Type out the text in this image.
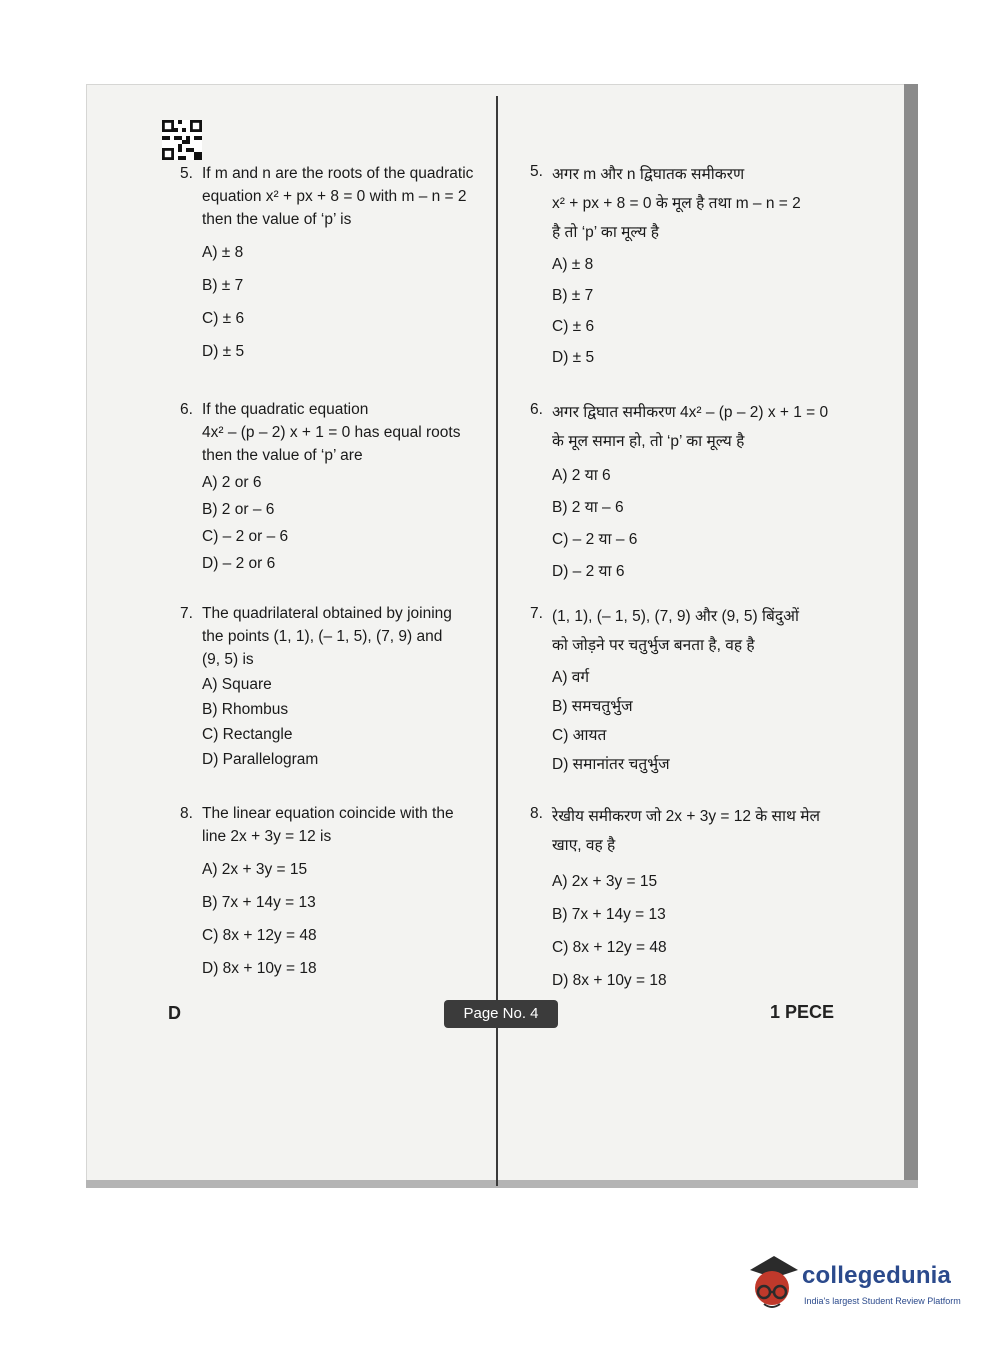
5. If m and n are the roots of the quadratic
equation x² + px + 8 = 0 with m – n = 2
then the value of ‘p’ is
A) ± 8
B) ± 7
C) ± 6
D) ± 5
6. If the quadratic equation
4x² – (p – 2) x + 1 = 0 has equal roots
then the value of ‘p’ are
A) 2 or 6
B) 2 or – 6
C) – 2 or – 6
D) – 2 or 6
7. The quadrilateral obtained by joining
the points (1, 1), (– 1, 5), (7, 9) and
(9, 5) is
A) Square
B) Rhombus
C) Rectangle
D) Parallelogram
8. The linear equation coincide with the
line 2x + 3y = 12 is
A) 2x + 3y = 15
B) 7x + 14y = 13
C) 8x + 12y = 48
D) 8x + 10y = 18
5. अगर m और n द्विघातक समीकरण
x² + px + 8 = 0 के मूल है तथा m – n = 2
है तो ‘p’ का मूल्य है
A) ± 8
B) ± 7
C) ± 6
D) ± 5
6. अगर द्विघात समीकरण 4x² – (p – 2) x + 1 = 0
के मूल समान हो, तो ‘p’ का मूल्य है
A) 2 या 6
B) 2 या – 6
C) – 2 या – 6
D) – 2 या 6
7. (1, 1), (– 1, 5), (7, 9) और (9, 5) बिंदुओं
को जोड़ने पर चतुर्भुज बनता है, वह है
A) वर्ग
B) समचतुर्भुज
C) आयत
D) समानांतर चतुर्भुज
8. रेखीय समीकरण जो 2x + 3y = 12 के साथ मेल
खाए, वह है
A) 2x + 3y = 15
B) 7x + 14y = 13
C) 8x + 12y = 48
D) 8x + 10y = 18
D	Page No. 4	1 PECE
collegedunia
India's largest Student Review Platform
